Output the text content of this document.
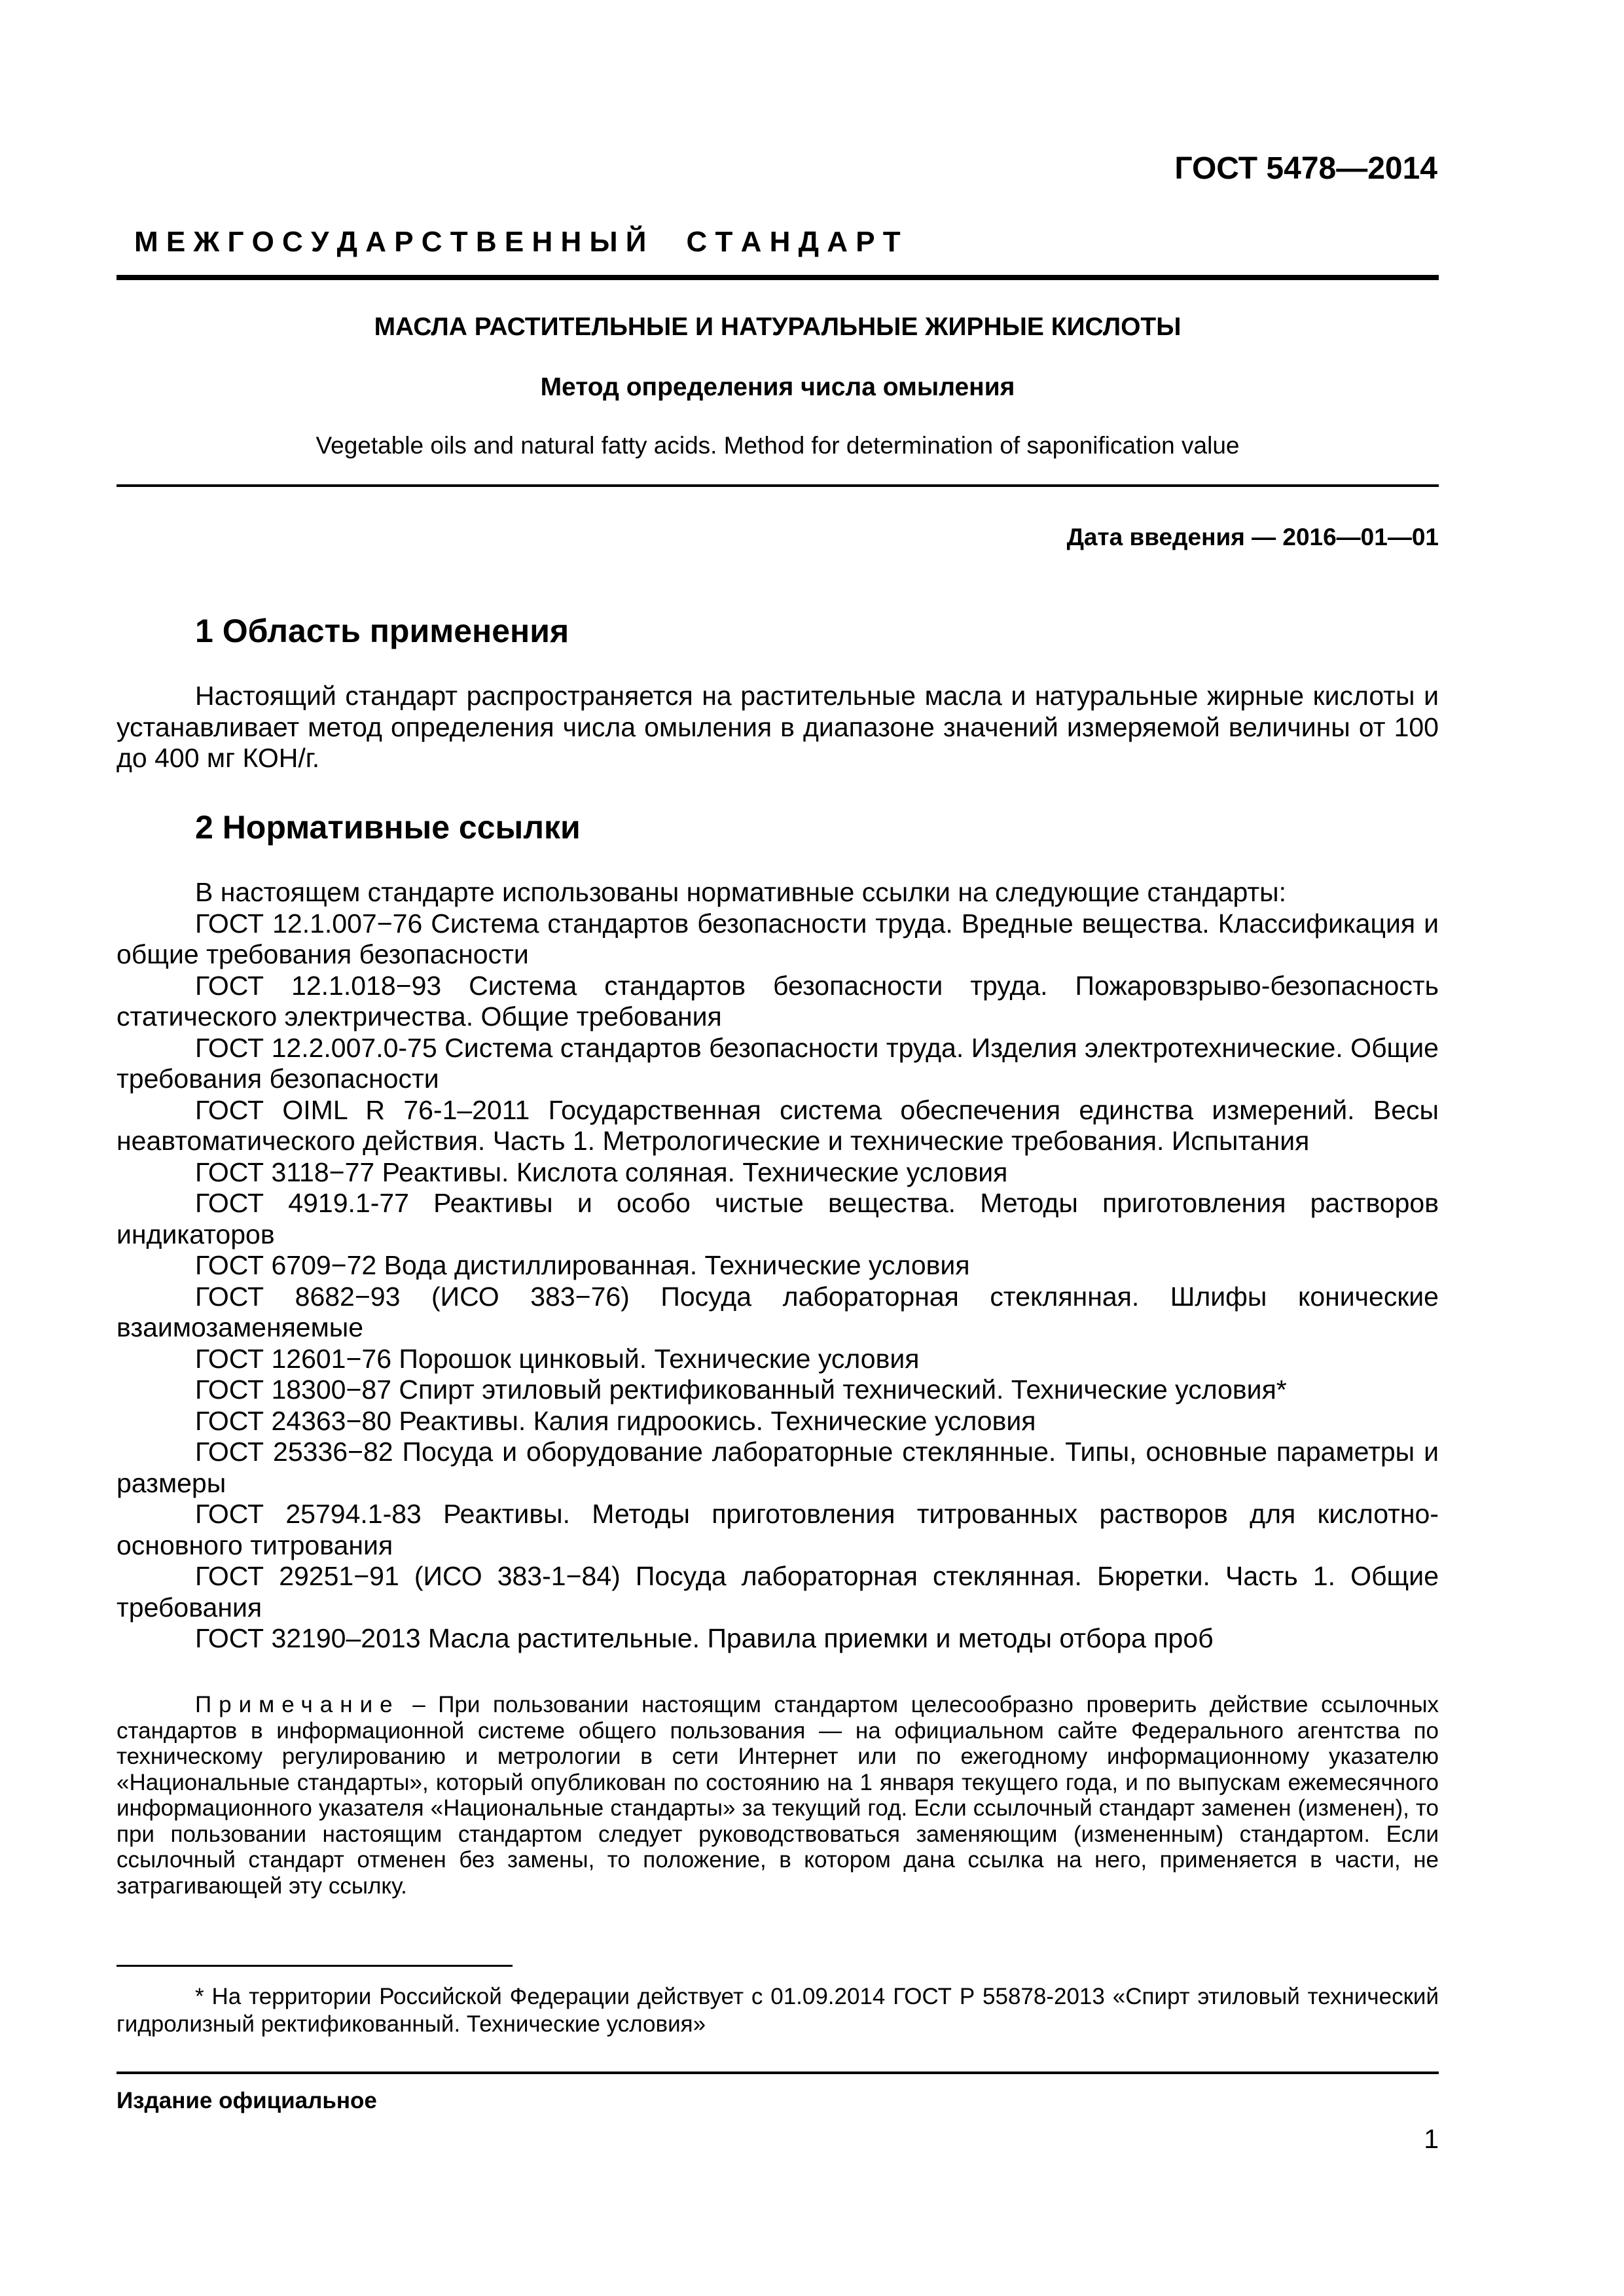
ГОСТ 5478—2014
М Е Ж Г О С У Д А Р С Т В Е Н Н Ы Й     С Т А Н Д А Р Т
МАСЛА РАСТИТЕЛЬНЫЕ И НАТУРАЛЬНЫЕ ЖИРНЫЕ КИСЛОТЫ
Метод определения числа омыления
Vegetable oils and natural fatty acids. Method for determination of saponification value
Дата введения — 2016—01—01
1 Область применения

Настоящий стандарт распространяется на растительные масла и натуральные жирные кислоты и устанавливает метод определения числа омыления в диапазоне значений измеряемой величины от 100 до 400 мг КОН/г.

2 Нормативные ссылки

В настоящем стандарте использованы нормативные ссылки на следующие стандарты:

ГОСТ 12.1.007−76 Система стандартов безопасности труда. Вредные вещества. Классификация и общие требования безопасности

ГОСТ 12.1.018−93 Система стандартов безопасности труда. Пожаровзрыво-безопасность статического электричества. Общие требования

ГОСТ 12.2.007.0-75 Система стандартов безопасности труда. Изделия электротехнические. Общие требования безопасности

ГОСТ OIML R 76-1–2011 Государственная система обеспечения единства измерений. Весы неавтоматического действия. Часть 1. Метрологические и технические требования. Испытания

ГОСТ 3118−77 Реактивы. Кислота соляная. Технические условия

ГОСТ 4919.1-77 Реактивы и особо чистые вещества. Методы приготовления растворов индикаторов

ГОСТ 6709−72 Вода дистиллированная. Технические условия

ГОСТ 8682−93 (ИСО 383−76) Посуда лабораторная стеклянная. Шлифы конические взаимозаменяемые

ГОСТ 12601−76 Порошок цинковый. Технические условия

ГОСТ 18300−87 Спирт этиловый ректификованный технический. Технические условия*

ГОСТ 24363−80 Реактивы. Калия гидроокись. Технические условия

ГОСТ 25336−82 Посуда и оборудование лабораторные стеклянные. Типы, основные параметры и размеры

ГОСТ 25794.1-83 Реактивы. Методы приготовления титрованных растворов для кислотно-основного титрования

ГОСТ 29251−91 (ИСО 383-1−84) Посуда лабораторная стеклянная. Бюретки. Часть 1. Общие требования

ГОСТ 32190–2013 Масла растительные. Правила приемки и методы отбора проб

Примечание – При пользовании настоящим стандартом целесообразно проверить действие ссылочных стандартов в информационной системе общего пользования — на официальном сайте Федерального агентства по техническому регулированию и метрологии в сети Интернет или по ежегодному информационному указателю «Национальные стандарты», который опубликован по состоянию на 1 января текущего года, и по выпускам ежемесячного информационного указателя «Национальные стандарты» за текущий год. Если ссылочный стандарт заменен (изменен), то при пользовании настоящим стандартом следует руководствоваться заменяющим (измененным) стандартом. Если ссылочный стандарт отменен без замены, то положение, в котором дана ссылка на него, применяется в части, не затрагивающей эту ссылку.
* На территории Российской Федерации действует с 01.09.2014 ГОСТ Р 55878-2013 «Спирт этиловый технический гидролизный ректификованный. Технические условия»
Издание официальное
1
